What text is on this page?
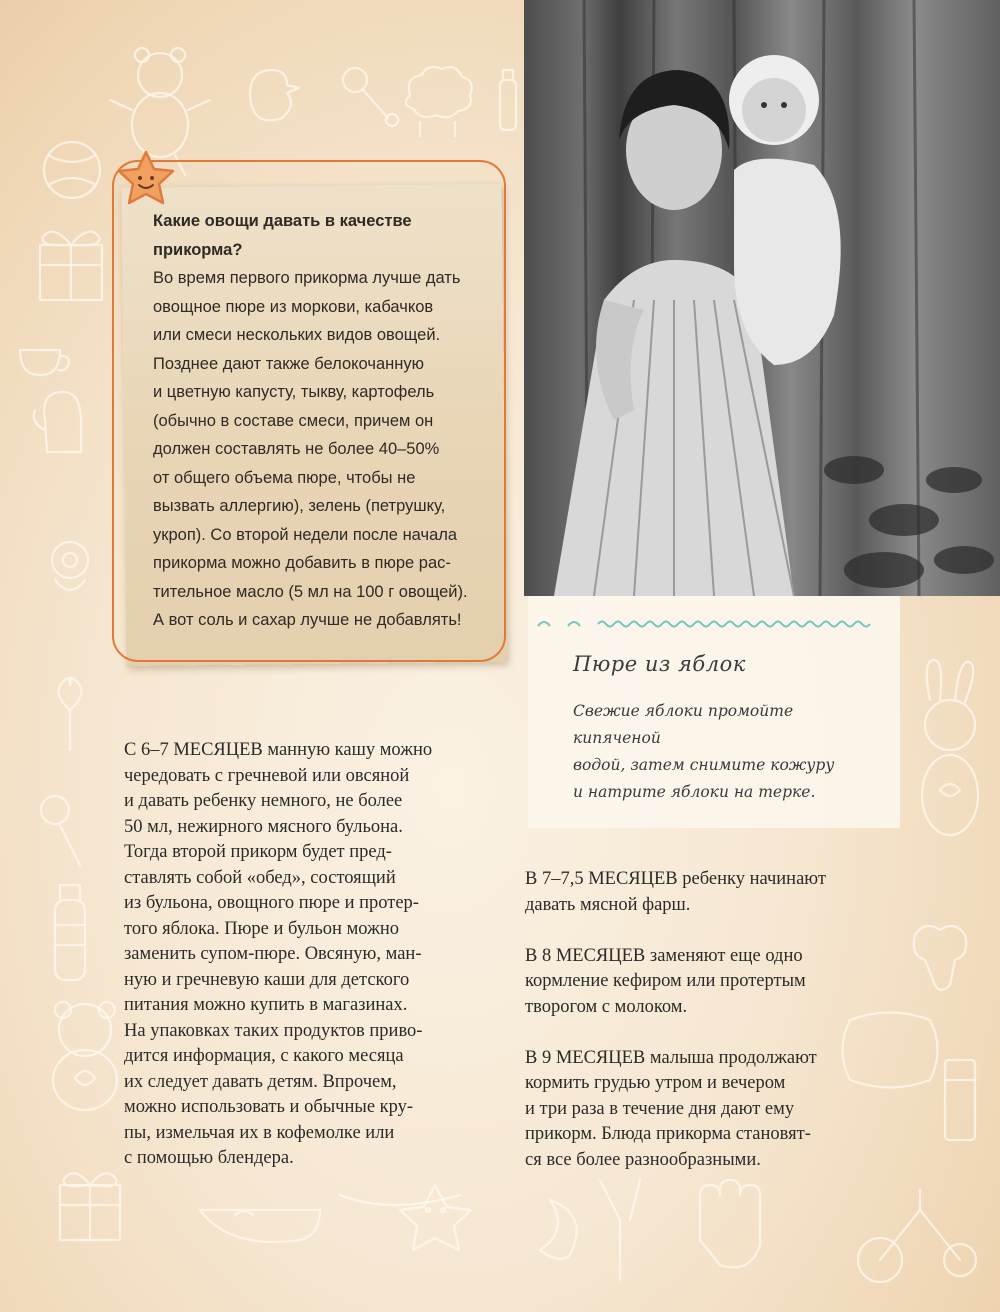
Какие овощи давать в качестве
прикорма?
Во время первого прикорма лучше дать
овощное пюре из моркови, кабачков
или смеси нескольких видов овощей.
Позднее дают также белокочанную
и цветную капусту, тыкву, картофель
(обычно в составе смеси, причем он
должен составлять не более 40–50%
от общего объема пюре, чтобы не
вызвать аллергию), зелень (петрушку,
укроп). Со второй недели после начала
прикорма можно добавить в пюре рас-
тительное масло (5 мл на 100 г овощей).
А вот соль и сахар лучше не добавлять!
Пюре из яблок
Свежие яблоки промойте кипяченой
водой, затем снимите кожуру
и натрите яблоки на терке.
С 6–7 МЕСЯЦЕВ манную кашу можно
чередовать с гречневой или овсяной
и давать ребенку немного, не более
50 мл, нежирного мясного бульона.
Тогда второй прикорм будет пред-
ставлять собой «обед», состоящий
из бульона, овощного пюре и протер-
того яблока. Пюре и бульон можно
заменить супом-пюре. Овсяную, ман-
ную и гречневую каши для детского
питания можно купить в магазинах.
На упаковках таких продуктов приво-
дится информация, с какого месяца
их следует давать детям. Впрочем,
можно использовать и обычные кру-
пы, измельчая их в кофемолке или
с помощью блендера.

В 7–7,5 МЕСЯЦЕВ ребенку начинают
давать мясной фарш.

В 8 МЕСЯЦЕВ заменяют еще одно
кормление кефиром или протертым
творогом с молоком.

В 9 МЕСЯЦЕВ малыша продолжают
кормить грудью утром и вечером
и три раза в течение дня дают ему
прикорм. Блюда прикорма становят-
ся все более разнообразными.
